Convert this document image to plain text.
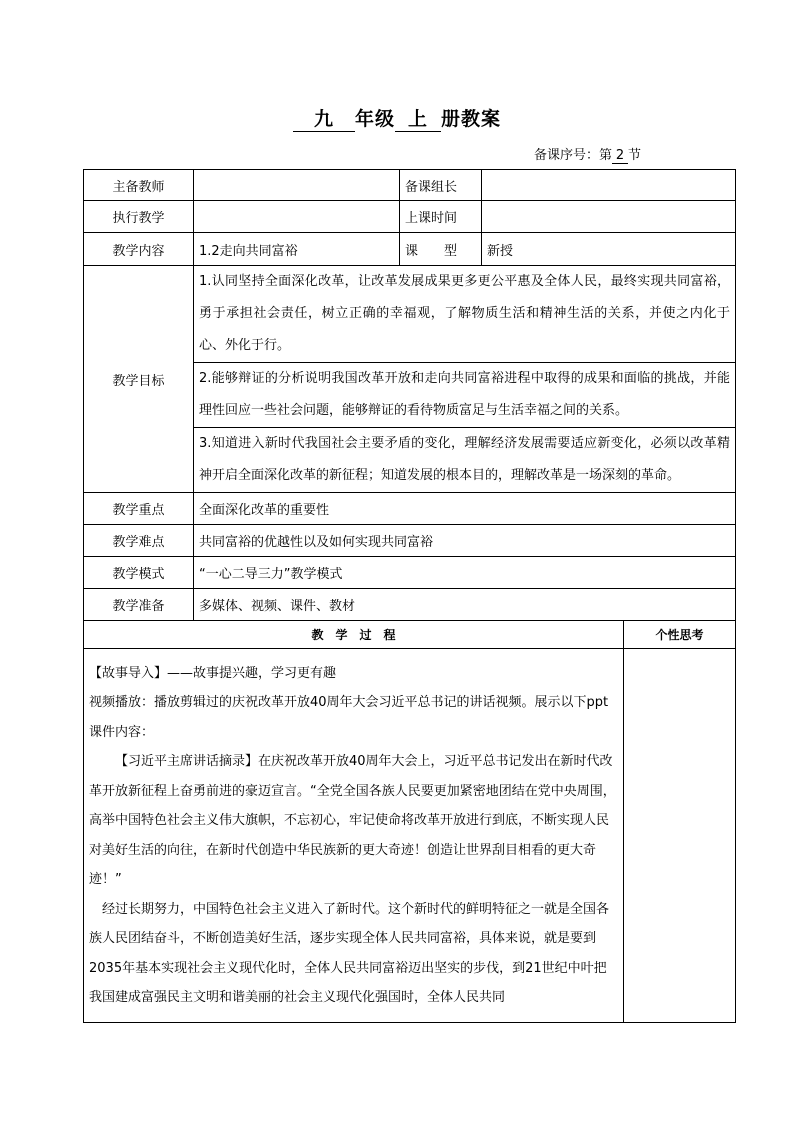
九 年级 上 册教案
备课序号：第 2 节
主备教师		备课组长		
执行教学		上课时间		
教学内容	1.2走向共同富裕	课　　型	新授	
教学目标	1.认同坚持全面深化改革，让改革发展成果更多更公平惠及全体人民，最终实现共同富裕，勇于承担社会责任，树立正确的幸福观，了解物质生活和精神生活的关系，并使之内化于心、外化于行。			
	2.能够辩证的分析说明我国改革开放和走向共同富裕进程中取得的成果和面临的挑战，并能理性回应一些社会问题，能够辩证的看待物质富足与生活幸福之间的关系。			
	3.知道进入新时代我国社会主要矛盾的变化，理解经济发展需要适应新变化，必须以改革精神开启全面深化改革的新征程；知道发展的根本目的，理解改革是一场深刻的革命。			
教学重点	全面深化改革的重要性			
教学难点	共同富裕的优越性以及如何实现共同富裕			
教学模式	“一心二导三力”教学模式			
教学准备	多媒体、视频、课件、教材			
教　学　过　程				个性思考

【故事导入】——故事提兴趣，学习更有趣

视频播放：播放剪辑过的庆祝改革开放40周年大会习近平总书记的讲话视频。展示以下ppt课件内容：

【习近平主席讲话摘录】在庆祝改革开放40周年大会上，习近平总书记发出在新时代改革开放新征程上奋勇前进的豪迈宣言。“全党全国各族人民要更加紧密地团结在党中央周围，高举中国特色社会主义伟大旗帜，不忘初心，牢记使命将改革开放进行到底，不断实现人民对美好生活的向往，在新时代创造中华民族新的更大奇迹！创造让世界刮目相看的更大奇迹！”

经过长期努力，中国特色社会主义进入了新时代。这个新时代的鲜明特征之一就是全国各族人民团结奋斗，不断创造美好生活，逐步实现全体人民共同富裕，具体来说，就是要到2035年基本实现社会主义现代化时，全体人民共同富裕迈出坚实的步伐，到21世纪中叶把我国建成富强民主文明和谐美丽的社会主义现代化强国时，全体人民共同				
